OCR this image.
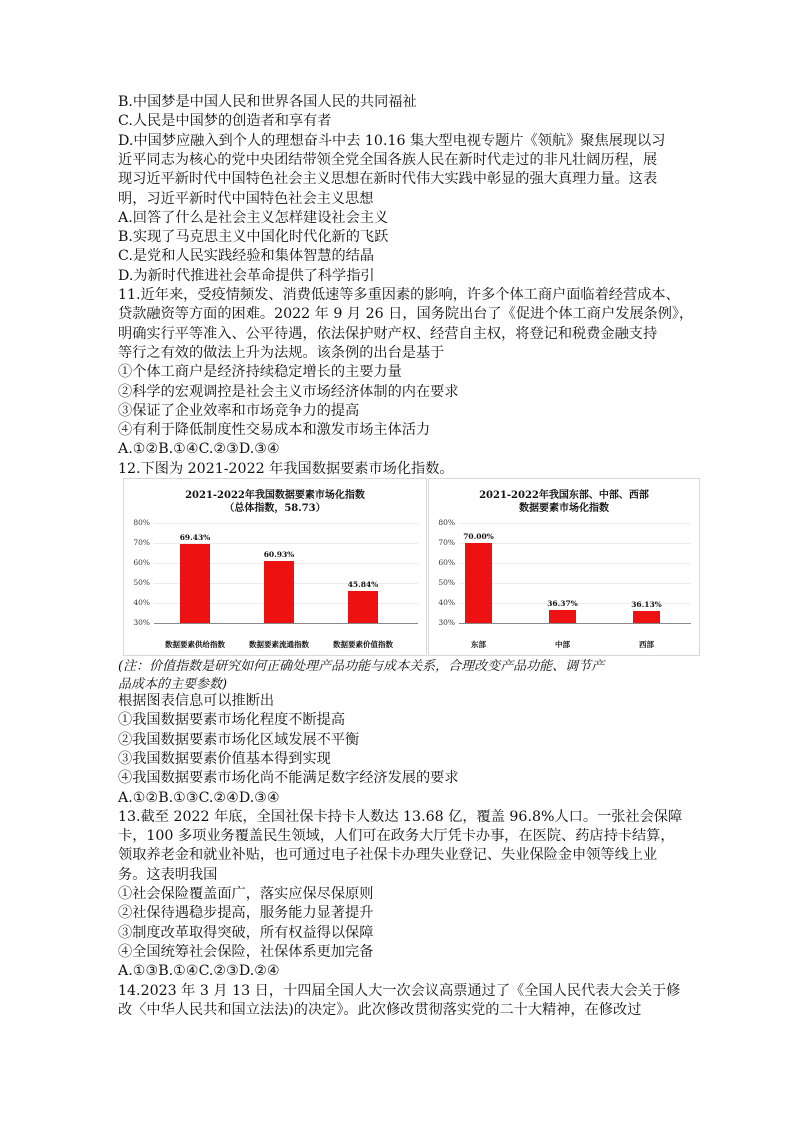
B.中国梦是中国人民和世界各国人民的共同福祉
C.人民是中国梦的创造者和享有者
D.中国梦应融入到个人的理想奋斗中去 10.16 集大型电视专题片《领航》聚焦展现以习
近平同志为核心的党中央团结带领全党全国各族人民在新时代走过的非凡壮阔历程，展
现习近平新时代中国特色社会主义思想在新时代伟大实践中彰显的强大真理力量。这表
明，习近平新时代中国特色社会主义思想
A.回答了什么是社会主义怎样建设社会主义
B.实现了马克思主义中国化时代化新的飞跃
C.是党和人民实践经验和集体智慧的结晶
D.为新时代推进社会革命提供了科学指引
11.近年来，受疫情频发、消费低速等多重因素的影响，许多个体工商户面临着经营成本、
贷款融资等方面的困难。2022 年 9 月 26 日，国务院出台了《促进个体工商户发展条例》，
明确实行平等准入、公平待遇，依法保护财产权、经营自主权，将登记和税费金融支持
等行之有效的做法上升为法规。该条例的出台是基于
①个体工商户是经济持续稳定增长的主要力量
②科学的宏观调控是社会主义市场经济体制的内在要求
③保证了企业效率和市场竞争力的提高
④有利于降低制度性交易成本和激发市场主体活力
A.①②B.①④C.②③D.③④
12.下图为 2021-2022 年我国数据要素市场化指数。
2021-2022年我国数据要素市场化指数
（总体指数，58.73）
80%
70%
60%
50%
40%
30%
69.43%
数据要素供给指数
60.93%
数据要素流通指数
45.84%
数据要素价值指数
2021-2022年我国东部、中部、西部
数据要素市场化指数
80%
70%
60%
50%
40%
30%
70.00%
东部
36.37%
中部
36.13%
西部
(注：价值指数是研究如何正确处理产品功能与成本关系，合理改变产品功能、调节产
品成本的主要参数)
根据图表信息可以推断出
①我国数据要素市场化程度不断提高
②我国数据要素市场化区域发展不平衡
③我国数据要素价值基本得到实现
④我国数据要素市场化尚不能满足数字经济发展的要求
A.①②B.①③C.②④D.③④
13.截至 2022 年底，全国社保卡持卡人数达 13.68 亿，覆盖 96.8%人口。一张社会保障
卡，100 多项业务覆盖民生领域，人们可在政务大厅凭卡办事，在医院、药店持卡结算，
领取养老金和就业补贴，也可通过电子社保卡办理失业登记、失业保险金申领等线上业
务。这表明我国
①社会保险覆盖面广，落实应保尽保原则
②社保待遇稳步提高，服务能力显著提升
③制度改革取得突破，所有权益得以保障
④全国统筹社会保险，社保体系更加完备
A.①③B.①④C.②③D.②④
14.2023 年 3 月 13 日，十四届全国人大一次会议高票通过了《全国人民代表大会关于修
改〈中华人民共和国立法法)的决定》。此次修改贯彻落实党的二十大精神，在修改过
